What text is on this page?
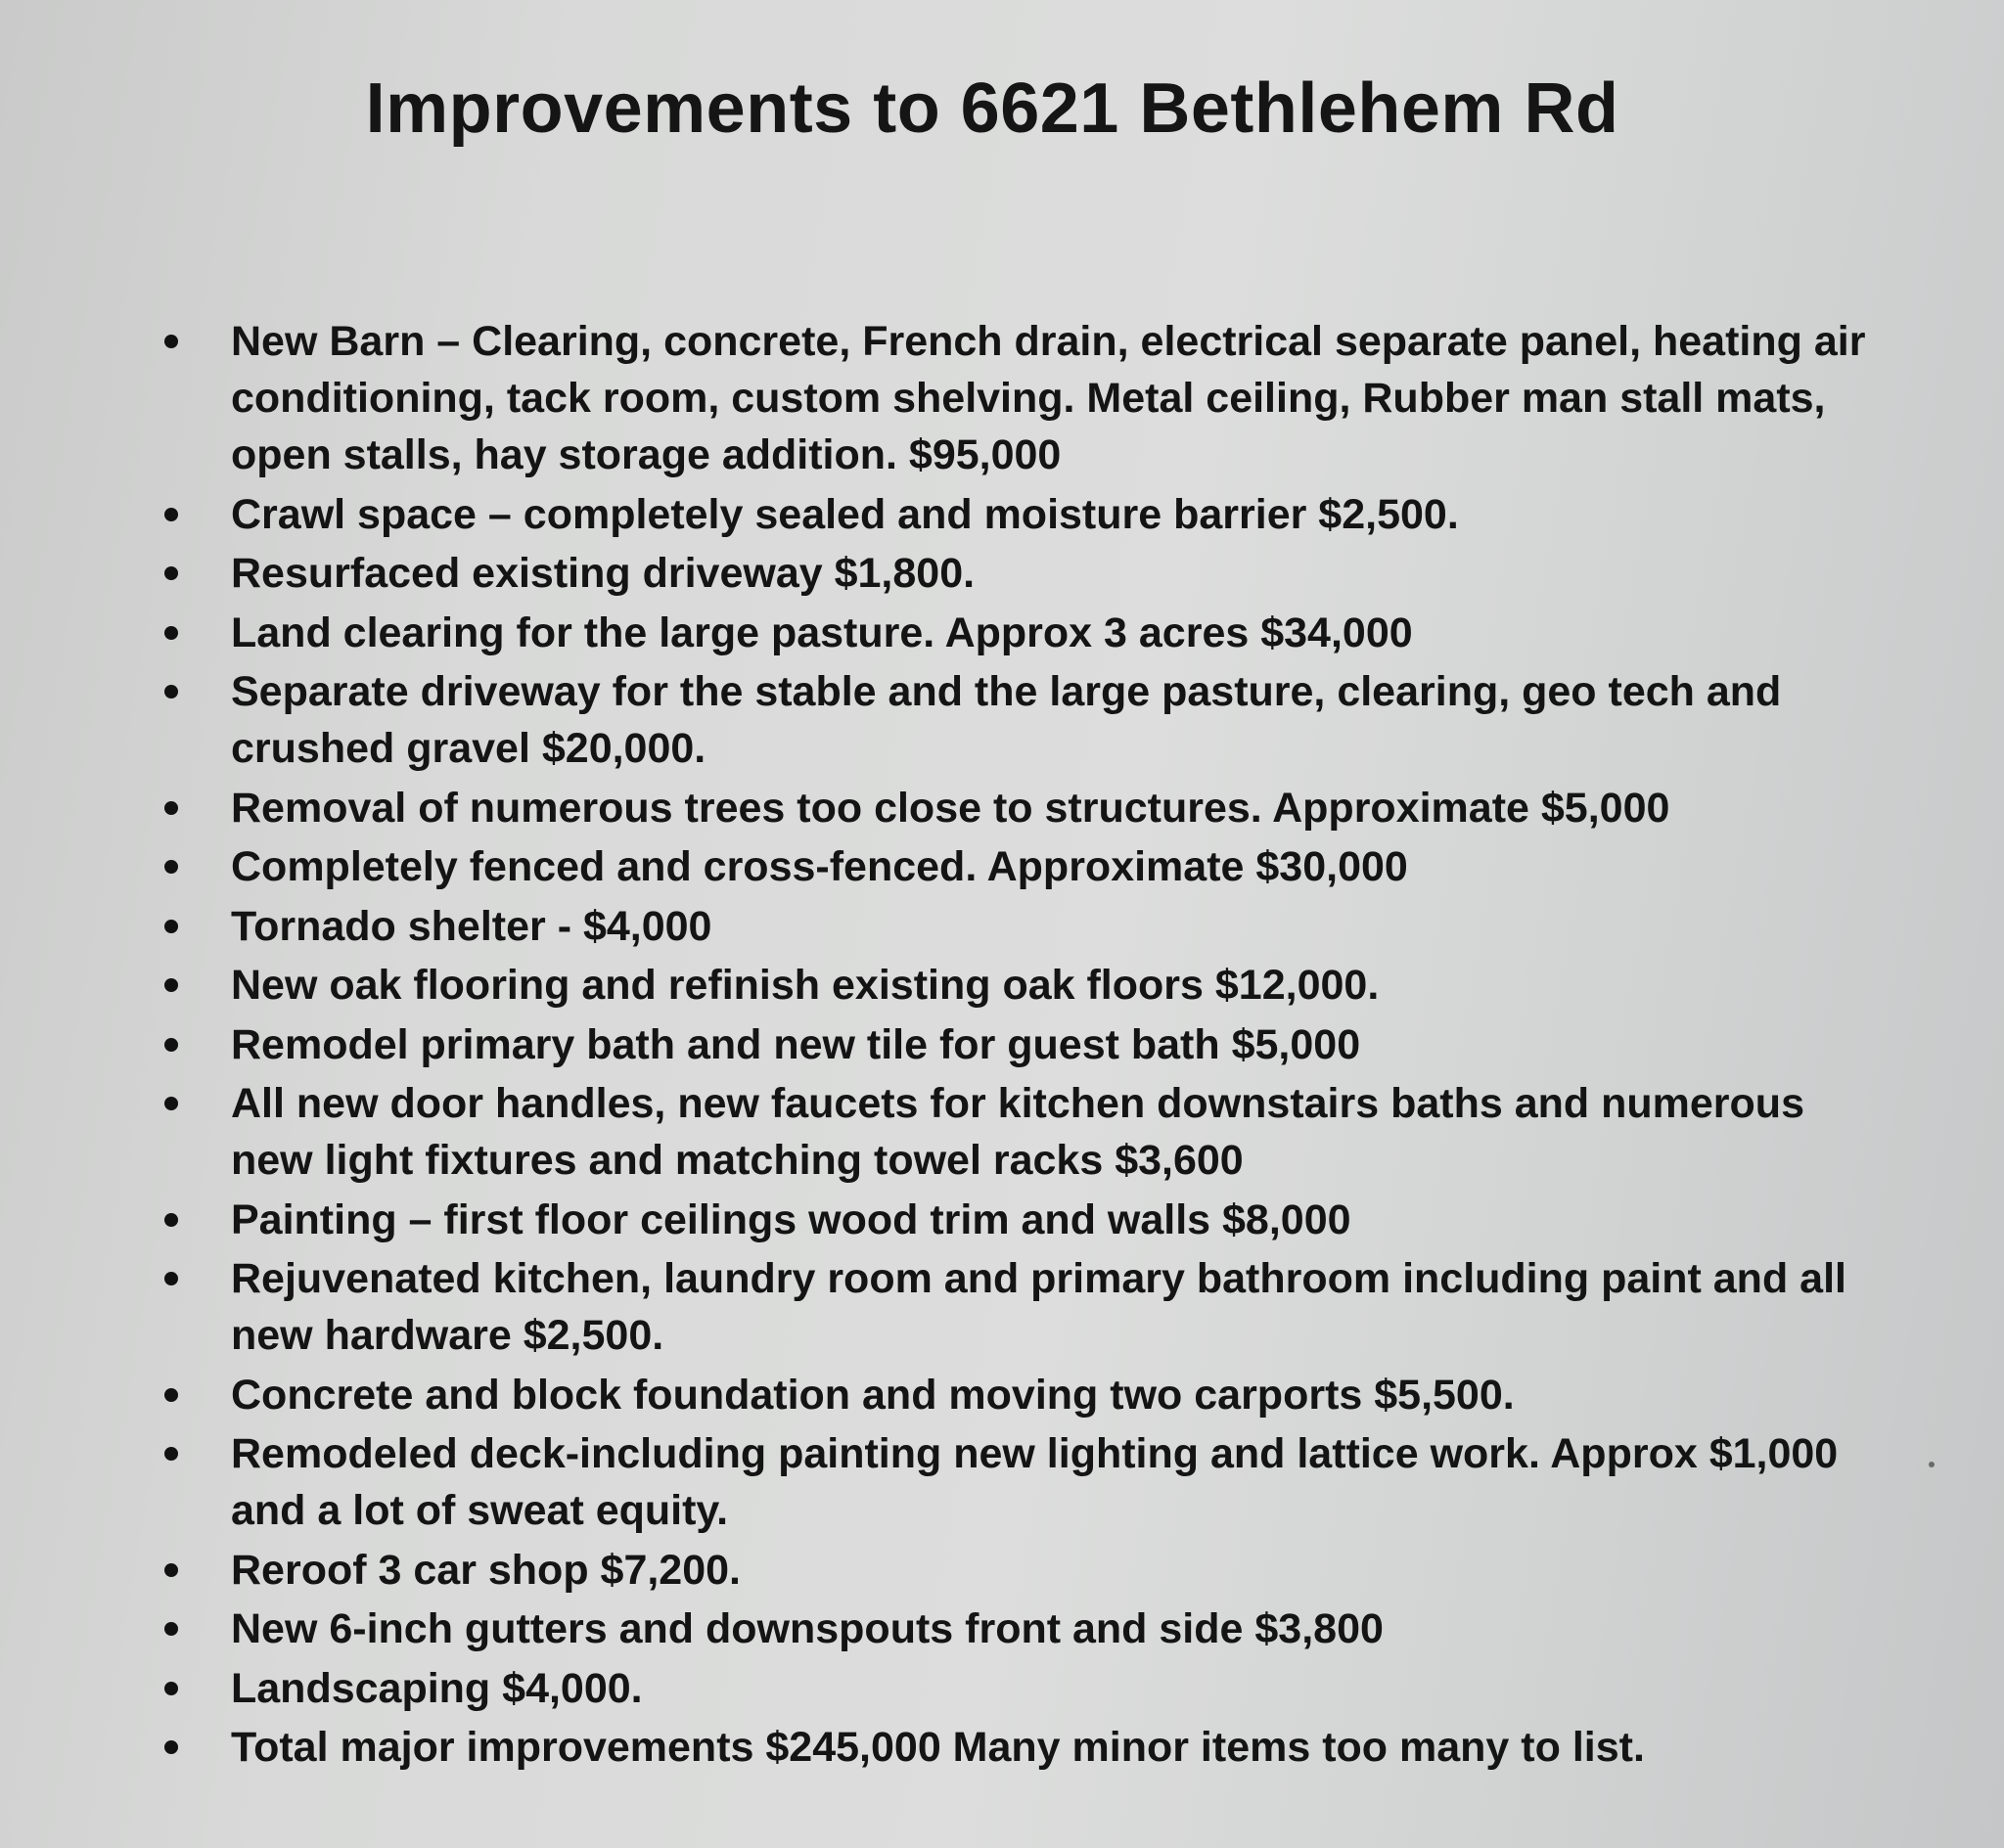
Improvements to 6621 Bethlehem Rd
New Barn – Clearing, concrete, French drain, electrical separate panel, heating air conditioning, tack room, custom shelving. Metal ceiling, Rubber man stall mats, open stalls, hay storage addition. $95,000
Crawl space – completely sealed and moisture barrier $2,500.
Resurfaced existing driveway $1,800.
Land clearing for the large pasture. Approx 3 acres $34,000
Separate driveway for the stable and the large pasture, clearing, geo tech and crushed gravel $20,000.
Removal of numerous trees too close to structures. Approximate $5,000
Completely fenced and cross-fenced. Approximate $30,000
Tornado shelter - $4,000
New oak flooring and refinish existing oak floors $12,000.
Remodel primary bath and new tile for guest bath $5,000
All new door handles, new faucets for kitchen downstairs baths and numerous new light fixtures and matching towel racks $3,600
Painting – first floor ceilings wood trim and walls $8,000
Rejuvenated kitchen, laundry room and primary bathroom including paint and all new hardware $2,500.
Concrete and block foundation and moving two carports $5,500.
Remodeled deck-including painting new lighting and lattice work. Approx $1,000 and a lot of sweat equity.
Reroof 3 car shop $7,200.
New 6-inch gutters and downspouts front and side $3,800
Landscaping $4,000.
Total major improvements $245,000 Many minor items too many to list.
